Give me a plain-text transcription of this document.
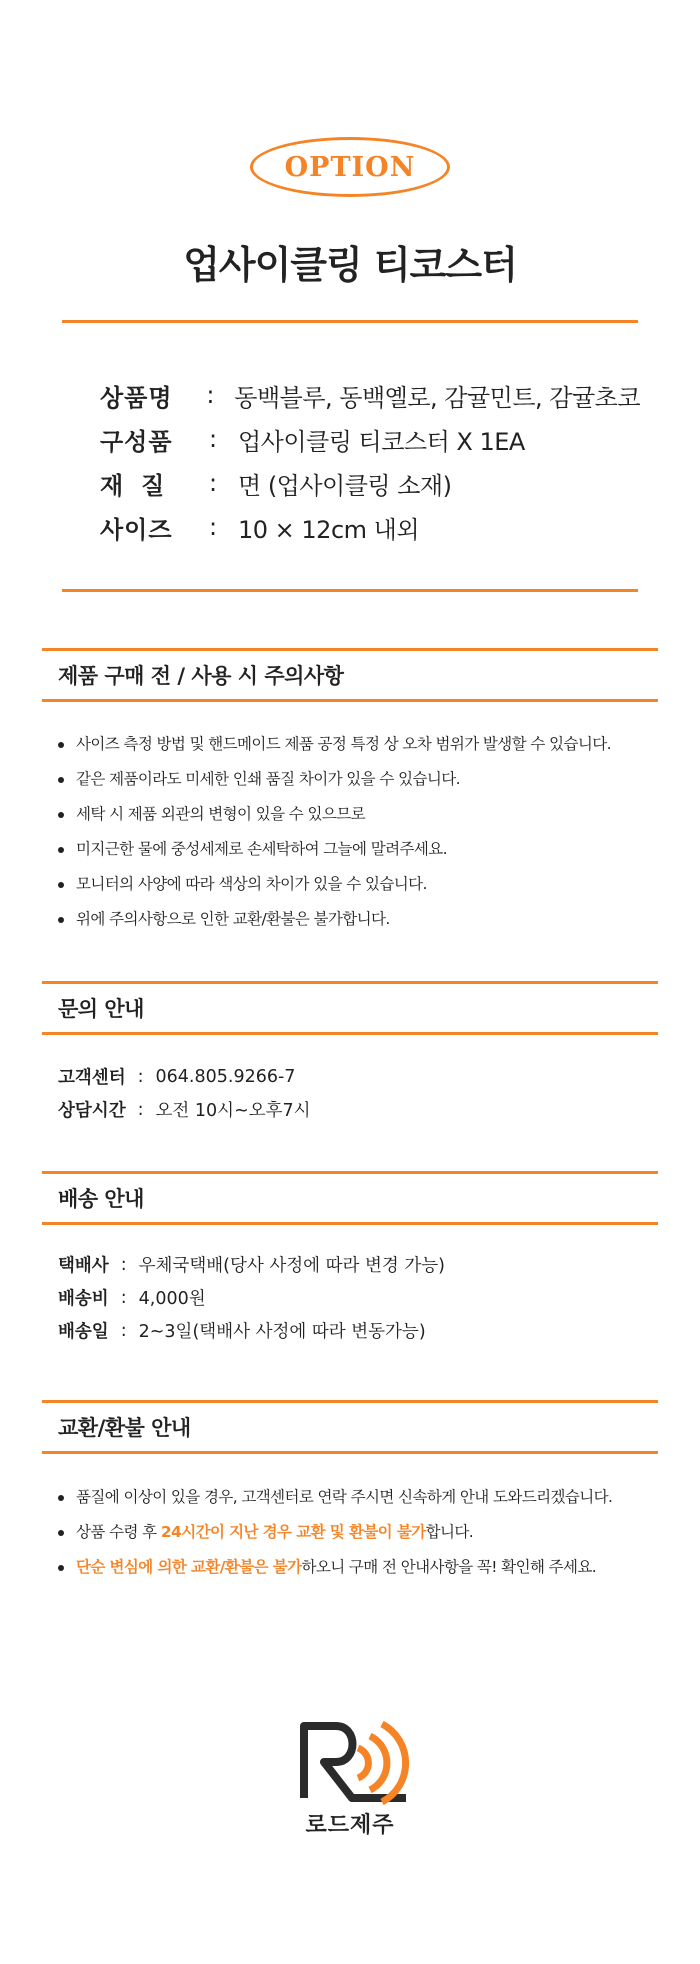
OPTION
업사이클링 티코스터
상품명	: 동백블루, 동백옐로, 감귤민트, 감귤초코
구성품	: 업사이클링 티코스터 X 1EA
재질	: 면 (업사이클링 소재)
사이즈	: 10 × 12cm 내외
제품 구매 전 / 사용 시 주의사항
사이즈 측정 방법 및 핸드메이드 제품 공정 특정 상 오차 범위가 발생할 수 있습니다.
같은 제품이라도 미세한 인쇄 품질 차이가 있을 수 있습니다.
세탁 시 제품 외관의 변형이 있을 수 있으므로
미지근한 물에 중성세제로 손세탁하여 그늘에 말려주세요.
모니터의 사양에 따라 색상의 차이가 있을 수 있습니다.
위에 주의사항으로 인한 교환/환불은 불가합니다.
문의 안내
고객센터 : 064.805.9266-7
상담시간 : 오전 10시~오후7시
배송 안내
택배사 : 우체국택배(당사 사정에 따라 변경 가능)
배송비 : 4,000원
배송일 : 2~3일(택배사 사정에 따라 변동가능)
교환/환불 안내
품질에 이상이 있을 경우, 고객센터로 연락 주시면 신속하게 안내 도와드리겠습니다.
상품 수령 후 24시간이 지난 경우 교환 및 환불이 불가합니다.
단순 변심에 의한 교환/환불은 불가하오니 구매 전 안내사항을 꼭! 확인해 주세요.
로드제주
